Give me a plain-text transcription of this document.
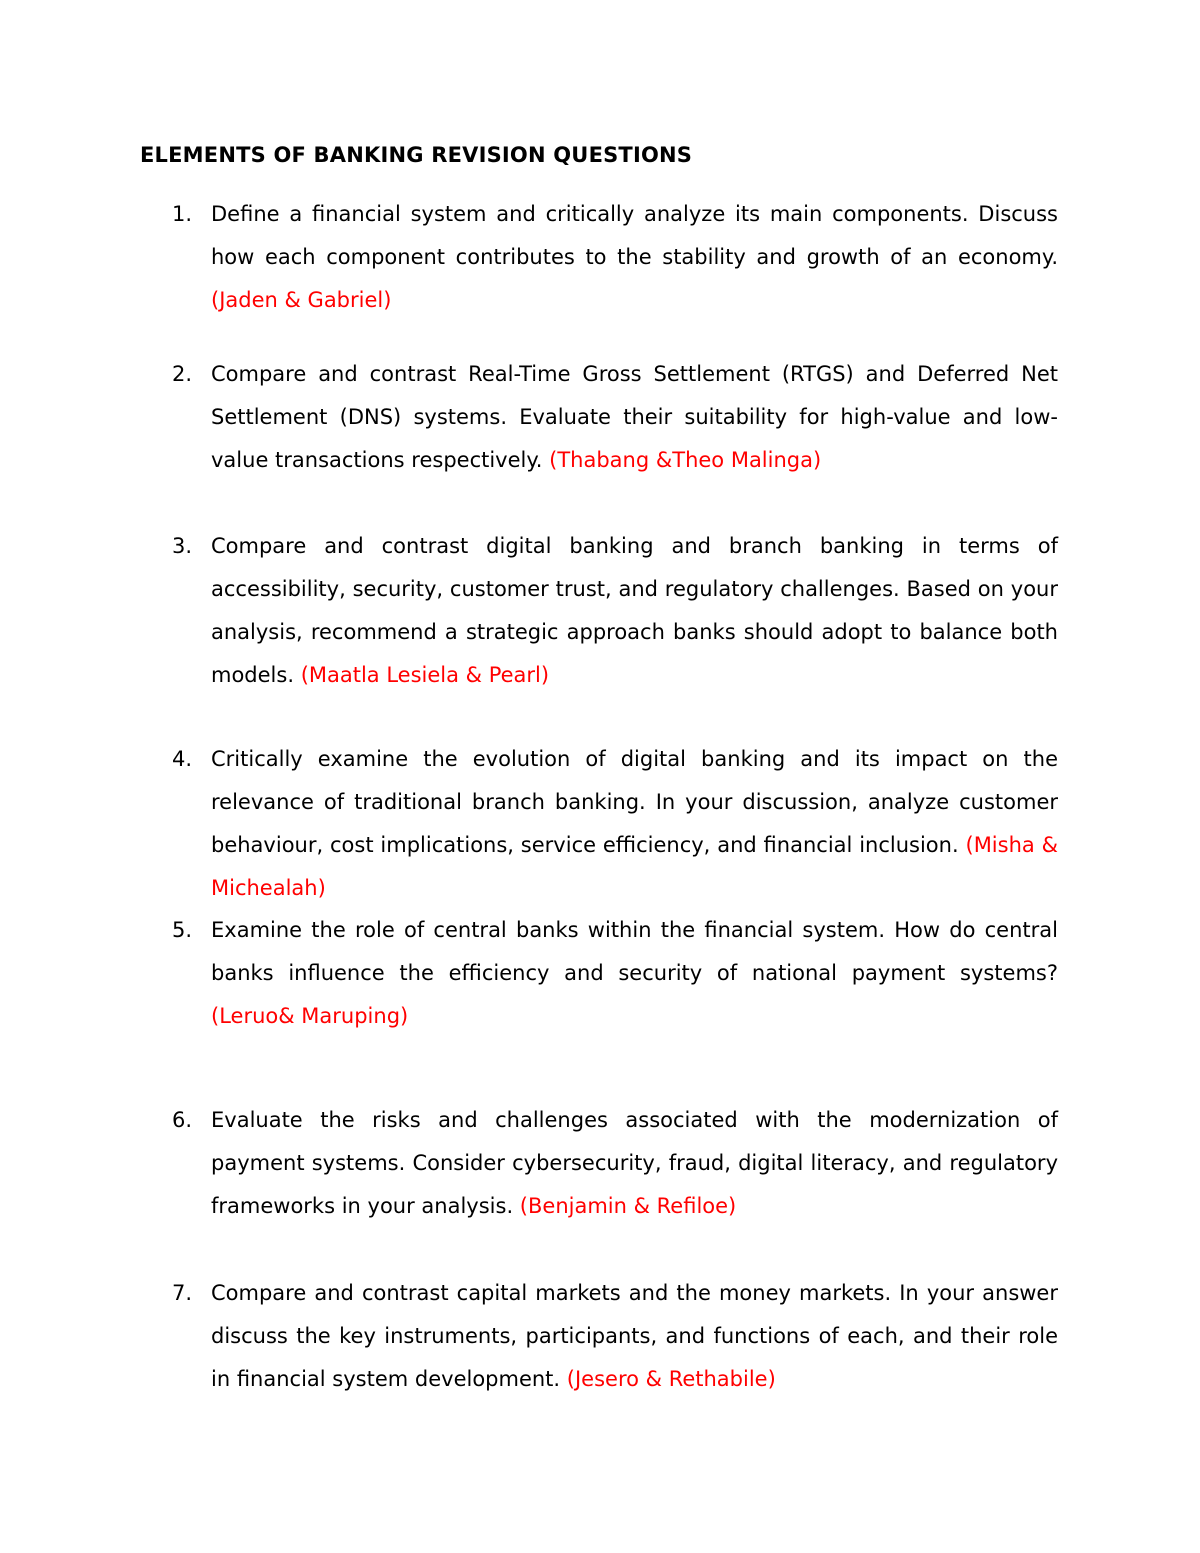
ELEMENTS OF BANKING REVISION QUESTIONS
1. Define a financial system and critically analyze its main components. Discuss how each component contributes to the stability and growth of an economy. (Jaden & Gabriel)
2. Compare and contrast Real-Time Gross Settlement (RTGS) and Deferred Net Settlement (DNS) systems. Evaluate their suitability for high-value and low-value transactions respectively. (Thabang &Theo Malinga)
3. Compare and contrast digital banking and branch banking in terms of accessibility, security, customer trust, and regulatory challenges. Based on your analysis, recommend a strategic approach banks should adopt to balance both models. (Maatla Lesiela & Pearl)
4. Critically examine the evolution of digital banking and its impact on the relevance of traditional branch banking. In your discussion, analyze customer behaviour, cost implications, service efficiency, and financial inclusion. (Misha & Michealah)
5. Examine the role of central banks within the financial system. How do central banks influence the efficiency and security of national payment systems? (Leruo& Maruping)
6. Evaluate the risks and challenges associated with the modernization of payment systems. Consider cybersecurity, fraud, digital literacy, and regulatory frameworks in your analysis. (Benjamin & Refiloe)
7. Compare and contrast capital markets and the money markets. In your answer discuss the key instruments, participants, and functions of each, and their role in financial system development. (Jesero & Rethabile)
